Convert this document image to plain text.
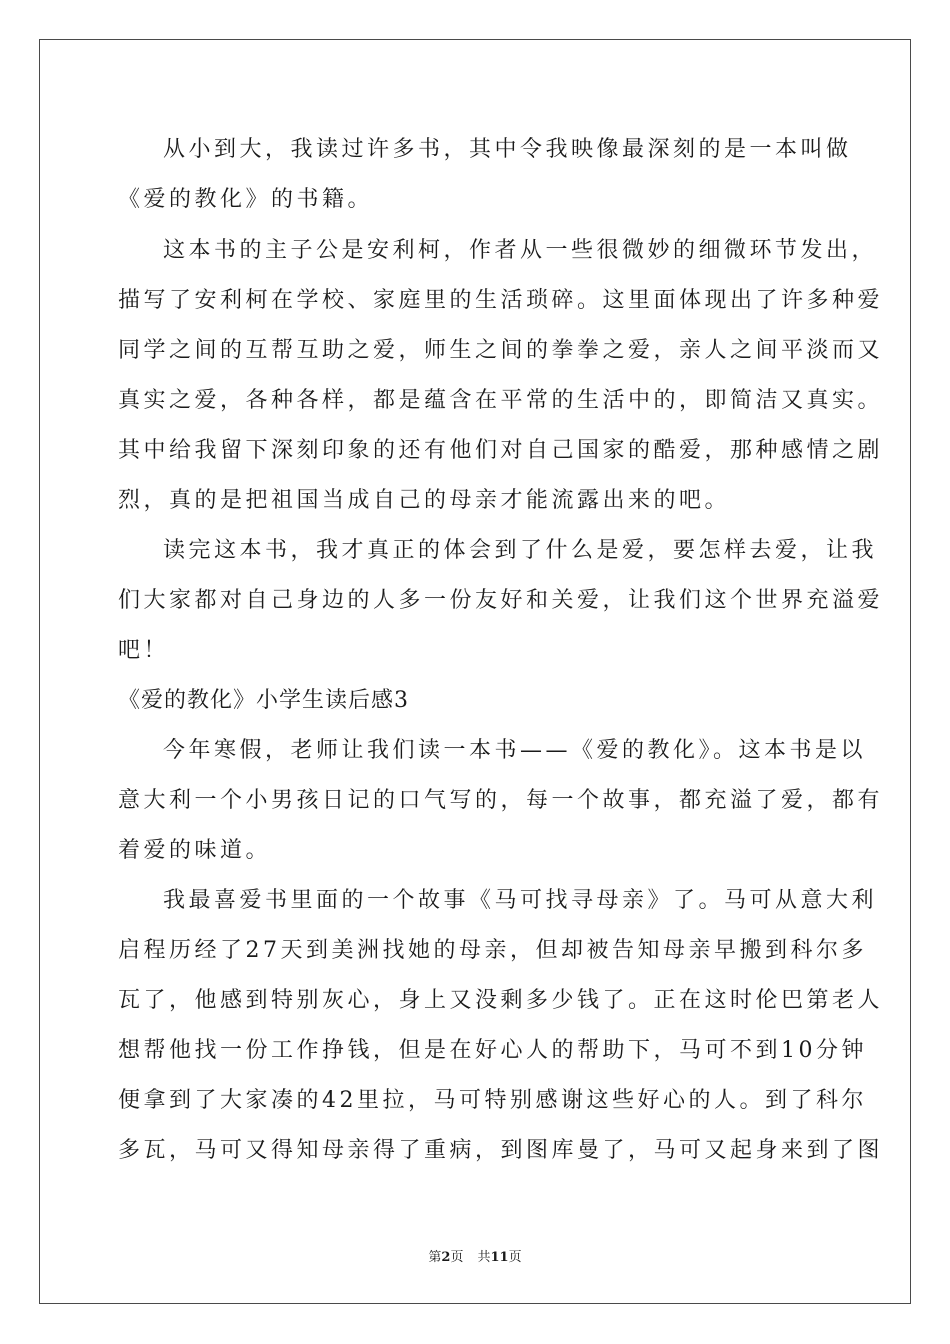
从小到大，我读过许多书，其中令我映像最深刻的是一本叫做
《爱的教化》的书籍。
这本书的主子公是安利柯，作者从一些很微妙的细微环节发出，
描写了安利柯在学校、家庭里的生活琐碎。这里面体现出了许多种爱
同学之间的互帮互助之爱，师生之间的拳拳之爱，亲人之间平淡而又
真实之爱，各种各样，都是蕴含在平常的生活中的，即简洁又真实。
其中给我留下深刻印象的还有他们对自己国家的酷爱，那种感情之剧
烈，真的是把祖国当成自己的母亲才能流露出来的吧。
读完这本书，我才真正的体会到了什么是爱，要怎样去爱，让我
们大家都对自己身边的人多一份友好和关爱，让我们这个世界充溢爱
吧！
《爱的教化》小学生读后感3
今年寒假，老师让我们读一本书——《爱的教化》。这本书是以
意大利一个小男孩日记的口气写的，每一个故事，都充溢了爱，都有
着爱的味道。
我最喜爱书里面的一个故事《马可找寻母亲》了。马可从意大利
启程历经了27天到美洲找她的母亲，但却被告知母亲早搬到科尔多
瓦了，他感到特别灰心，身上又没剩多少钱了。正在这时伦巴第老人
想帮他找一份工作挣钱，但是在好心人的帮助下，马可不到10分钟
便拿到了大家凑的42里拉，马可特别感谢这些好心的人。到了科尔
多瓦，马可又得知母亲得了重病，到图库曼了，马可又起身来到了图
第2页 共11页
